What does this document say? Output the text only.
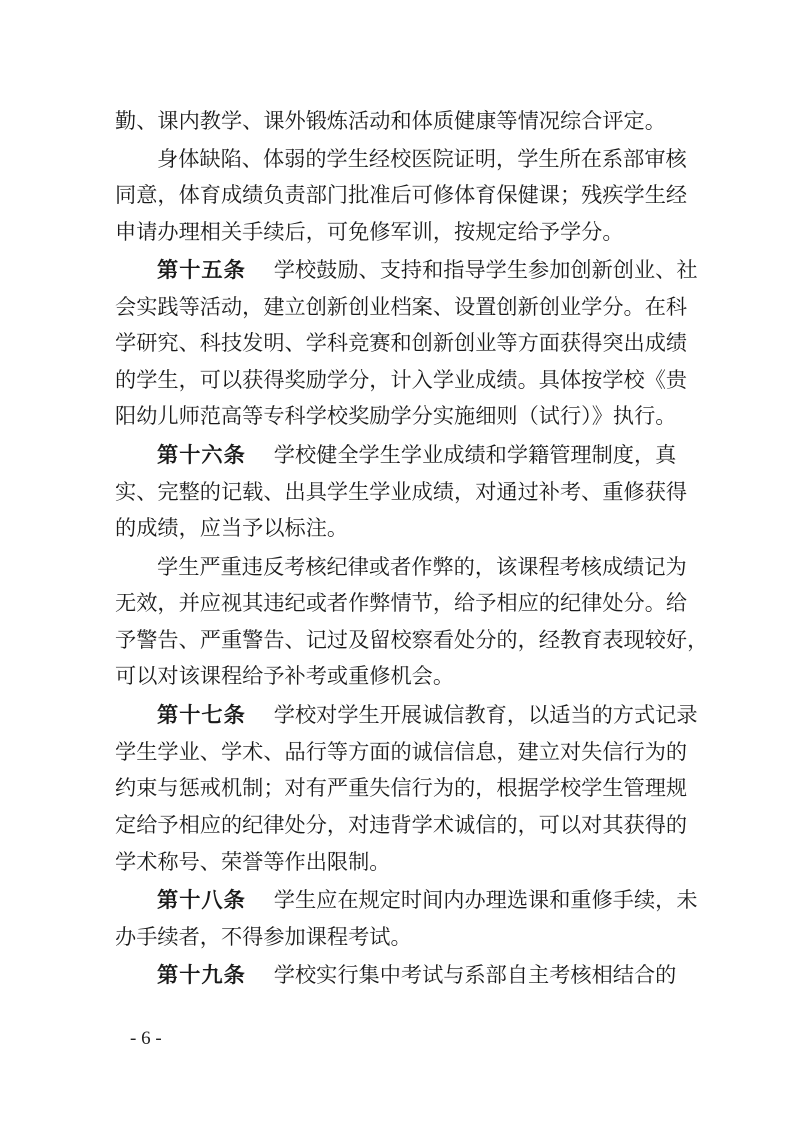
勤、课内教学、课外锻炼活动和体质健康等情况综合评定。
身体缺陷、体弱的学生经校医院证明，学生所在系部审核
同意，体育成绩负责部门批准后可修体育保健课；残疾学生经
申请办理相关手续后，可免修军训，按规定给予学分。
第十五条 学校鼓励、支持和指导学生参加创新创业、社
会实践等活动，建立创新创业档案、设置创新创业学分。在科
学研究、科技发明、学科竞赛和创新创业等方面获得突出成绩
的学生，可以获得奖励学分，计入学业成绩。具体按学校《贵
阳幼儿师范高等专科学校奖励学分实施细则（试行）》执行。
第十六条 学校健全学生学业成绩和学籍管理制度，真
实、完整的记载、出具学生学业成绩，对通过补考、重修获得
的成绩，应当予以标注。
学生严重违反考核纪律或者作弊的，该课程考核成绩记为
无效，并应视其违纪或者作弊情节，给予相应的纪律处分。给
予警告、严重警告、记过及留校察看处分的，经教育表现较好，
可以对该课程给予补考或重修机会。
第十七条 学校对学生开展诚信教育，以适当的方式记录
学生学业、学术、品行等方面的诚信信息，建立对失信行为的
约束与惩戒机制；对有严重失信行为的，根据学校学生管理规
定给予相应的纪律处分，对违背学术诚信的，可以对其获得的
学术称号、荣誉等作出限制。
第十八条 学生应在规定时间内办理选课和重修手续，未
办手续者，不得参加课程考试。
第十九条 学校实行集中考试与系部自主考核相结合的
- 6 -
